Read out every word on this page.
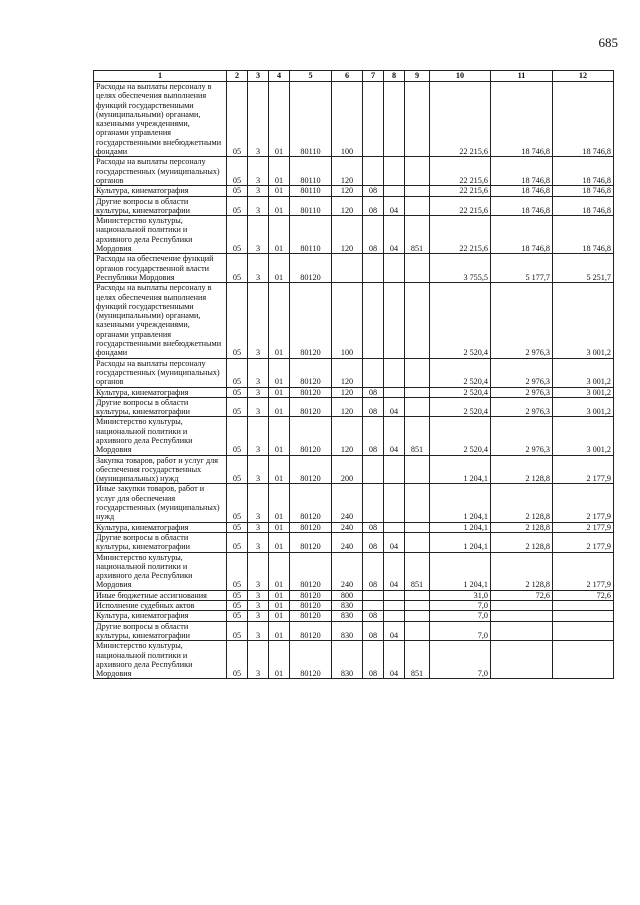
685
1	2	3	4	5	6	7	8	9	10	11	12
Расходы на выплаты персоналу в целях обеспечения выполнения функций государственными (муниципальными) органами, казенными учреждениями, органами управления государственными внебюджетными фондами	05	3	01	80110	100				22 215,6	18 746,8	18 746,8
Расходы на выплаты персоналу государственных (муниципальных) органов	05	3	01	80110	120				22 215,6	18 746,8	18 746,8
Культура, кинематография	05	3	01	80110	120	08			22 215,6	18 746,8	18 746,8
Другие вопросы в области культуры, кинематографии	05	3	01	80110	120	08	04		22 215,6	18 746,8	18 746,8
Министерство культуры, национальной политики и архивного дела Республики Мордовия	05	3	01	80110	120	08	04	851	22 215,6	18 746,8	18 746,8
Расходы на обеспечение функций органов государственной власти Республики Мордовия	05	3	01	80120					3 755,5	5 177,7	5 251,7
Расходы на выплаты персоналу в целях обеспечения выполнения функций государственными (муниципальными) органами, казенными учреждениями, органами управления государственными внебюджетными фондами	05	3	01	80120	100				2 520,4	2 976,3	3 001,2
Расходы на выплаты персоналу государственных (муниципальных) органов	05	3	01	80120	120				2 520,4	2 976,3	3 001,2
Культура, кинематография	05	3	01	80120	120	08			2 520,4	2 976,3	3 001,2
Другие вопросы в области культуры, кинематографии	05	3	01	80120	120	08	04		2 520,4	2 976,3	3 001,2
Министерство культуры, национальной политики и архивного дела Республики Мордовия	05	3	01	80120	120	08	04	851	2 520,4	2 976,3	3 001,2
Закупка товаров, работ и услуг для обеспечения государственных (муниципальных) нужд	05	3	01	80120	200				1 204,1	2 128,8	2 177,9
Иные закупки товаров, работ и услуг для обеспечения государственных (муниципальных) нужд	05	3	01	80120	240				1 204,1	2 128,8	2 177,9
Культура, кинематография	05	3	01	80120	240	08			1 204,1	2 128,8	2 177,9
Другие вопросы в области культуры, кинематографии	05	3	01	80120	240	08	04		1 204,1	2 128,8	2 177,9
Министерство культуры, национальной политики и архивного дела Республики Мордовия	05	3	01	80120	240	08	04	851	1 204,1	2 128,8	2 177,9
Иные бюджетные ассигнования	05	3	01	80120	800				31,0	72,6	72,6
Исполнение судебных актов	05	3	01	80120	830				7,0		
Культура, кинематография	05	3	01	80120	830	08			7,0		
Другие вопросы в области культуры, кинематографии	05	3	01	80120	830	08	04		7,0		
Министерство культуры, национальной политики и архивного дела Республики Мордовия	05	3	01	80120	830	08	04	851	7,0		
